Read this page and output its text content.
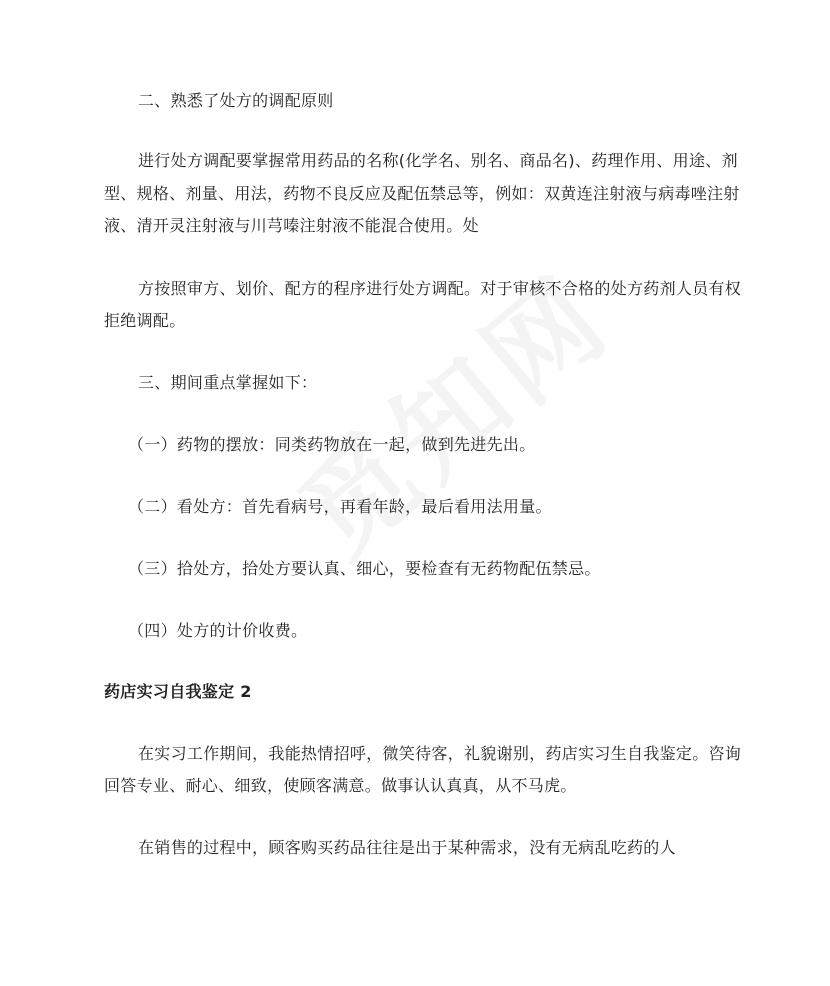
二、熟悉了处方的调配原则
进行处方调配要掌握常用药品的名称(化学名、别名、商品名)、药理作用、用途、剂
型、规格、剂量、用法，药物不良反应及配伍禁忌等，例如：双黄连注射液与病毒唑注射
液、清开灵注射液与川芎嗪注射液不能混合使用。处
方按照审方、划价、配方的程序进行处方调配。对于审核不合格的处方药剂人员有权
拒绝调配。
三、期间重点掌握如下：
（一）药物的摆放：同类药物放在一起，做到先进先出。
（二）看处方：首先看病号，再看年龄，最后看用法用量。
（三）拾处方，拾处方要认真、细心，要检查有无药物配伍禁忌。
（四）处方的计价收费。
药店实习自我鉴定 2
在实习工作期间，我能热情招呼，微笑待客，礼貌谢别，药店实习生自我鉴定。咨询
回答专业、耐心、细致，使顾客满意。做事认认真真，从不马虎。
在销售的过程中，顾客购买药品往往是出于某种需求，没有无病乱吃药的人
